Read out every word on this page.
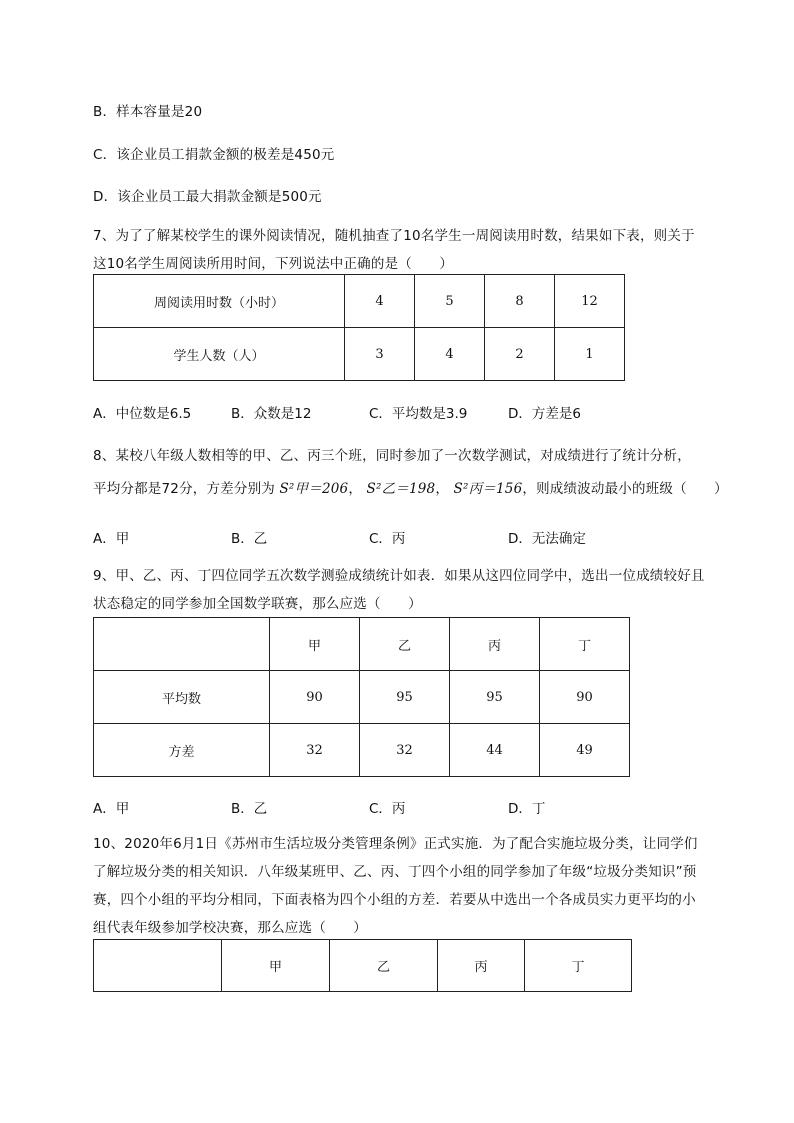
B．样本容量是20
C．该企业员工捐款金额的极差是450元
D．该企业员工最大捐款金额是500元
7、为了了解某校学生的课外阅读情况，随机抽查了10名学生一周阅读用时数，结果如下表，则关于这10名学生周阅读所用时间，下列说法中正确的是（　　）
周阅读用时数（小时）	4	5	8	12
学生人数（人）	3	4	2	1
A．中位数是6.5	B．众数是12	C．平均数是3.9	D．方差是6
8、某校八年级人数相等的甲、乙、丙三个班，同时参加了一次数学测试，对成绩进行了统计分析，
平均分都是72分，方差分别为 S²甲＝206， S²乙＝198， S²丙＝156，则成绩波动最小的班级（　　）
A．甲	B．乙	C．丙	D．无法确定
9、甲、乙、丙、丁四位同学五次数学测验成绩统计如表．如果从这四位同学中，选出一位成绩较好且状态稳定的同学参加全国数学联赛，那么应选（　　）
	甲	乙	丙	丁
平均数	90	95	95	90
方差	32	32	44	49
A．甲	B．乙	C．丙	D．丁
10、2020年6月1日《苏州市生活垃圾分类管理条例》正式实施．为了配合实施垃圾分类，让同学们了解垃圾分类的相关知识．八年级某班甲、乙、丙、丁四个小组的同学参加了年级“垃圾分类知识”预赛，四个小组的平均分相同，下面表格为四个小组的方差．若要从中选出一个各成员实力更平均的小组代表年级参加学校决赛，那么应选（　　）
	甲	乙	丙	丁
